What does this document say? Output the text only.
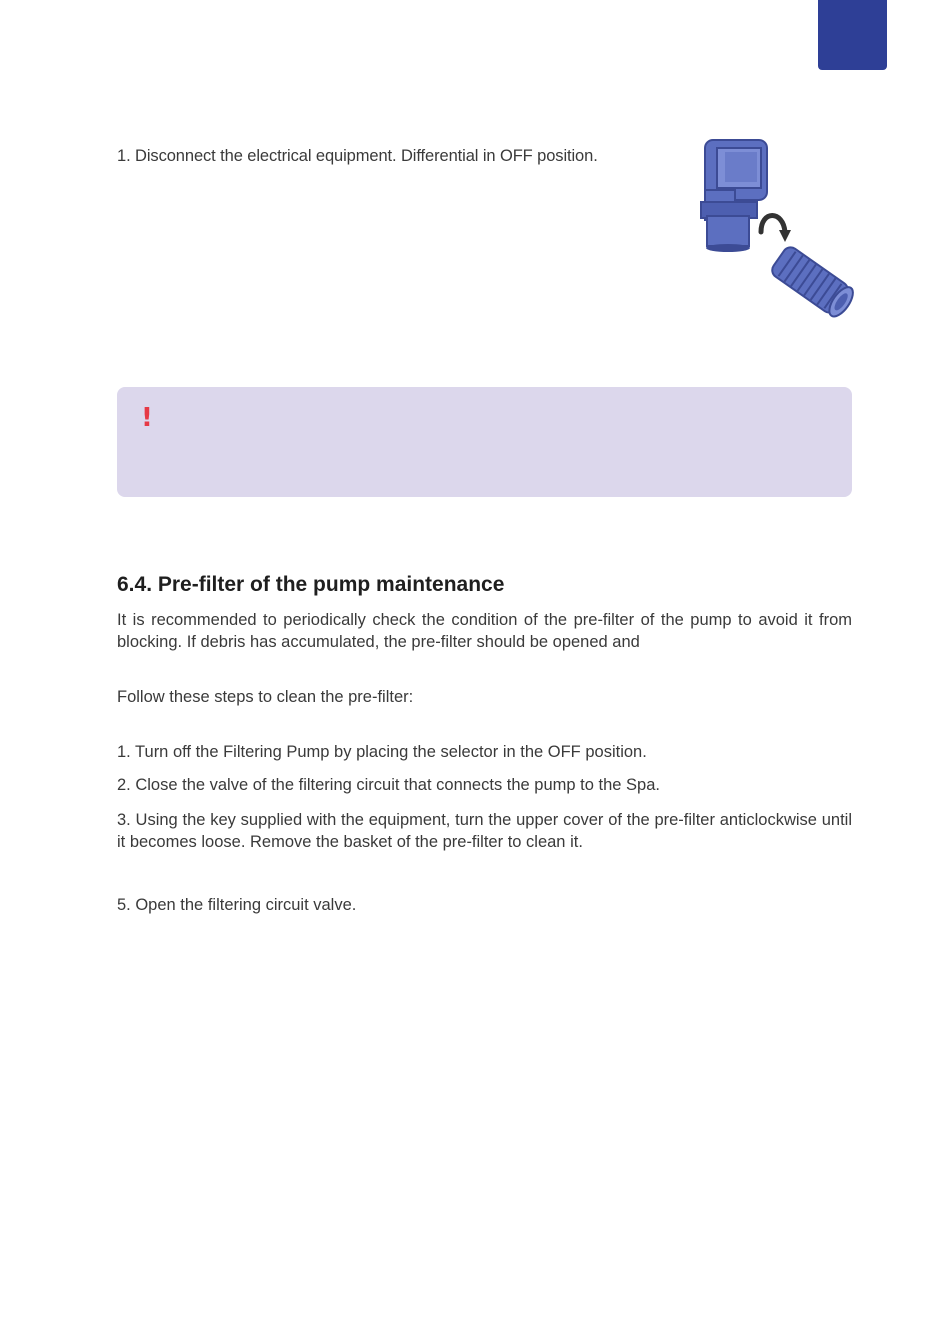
1. Disconnect the electrical equipment. Differential in OFF position.
!
6.4. Pre-filter of the pump maintenance
It is recommended to periodically check the condition of the pre-filter of the pump to avoid it from blocking. If debris has accumulated, the pre-filter should be opened and
Follow these steps to clean the pre-filter:
1. Turn off the Filtering Pump by placing the selector in the OFF position.
2. Close the valve of the filtering circuit that connects the pump to the Spa.
3. Using the key supplied with the equipment, turn the upper cover of the pre-filter anticlockwise until it becomes loose. Remove the basket of the pre-filter to clean it.
5. Open the filtering circuit valve.
